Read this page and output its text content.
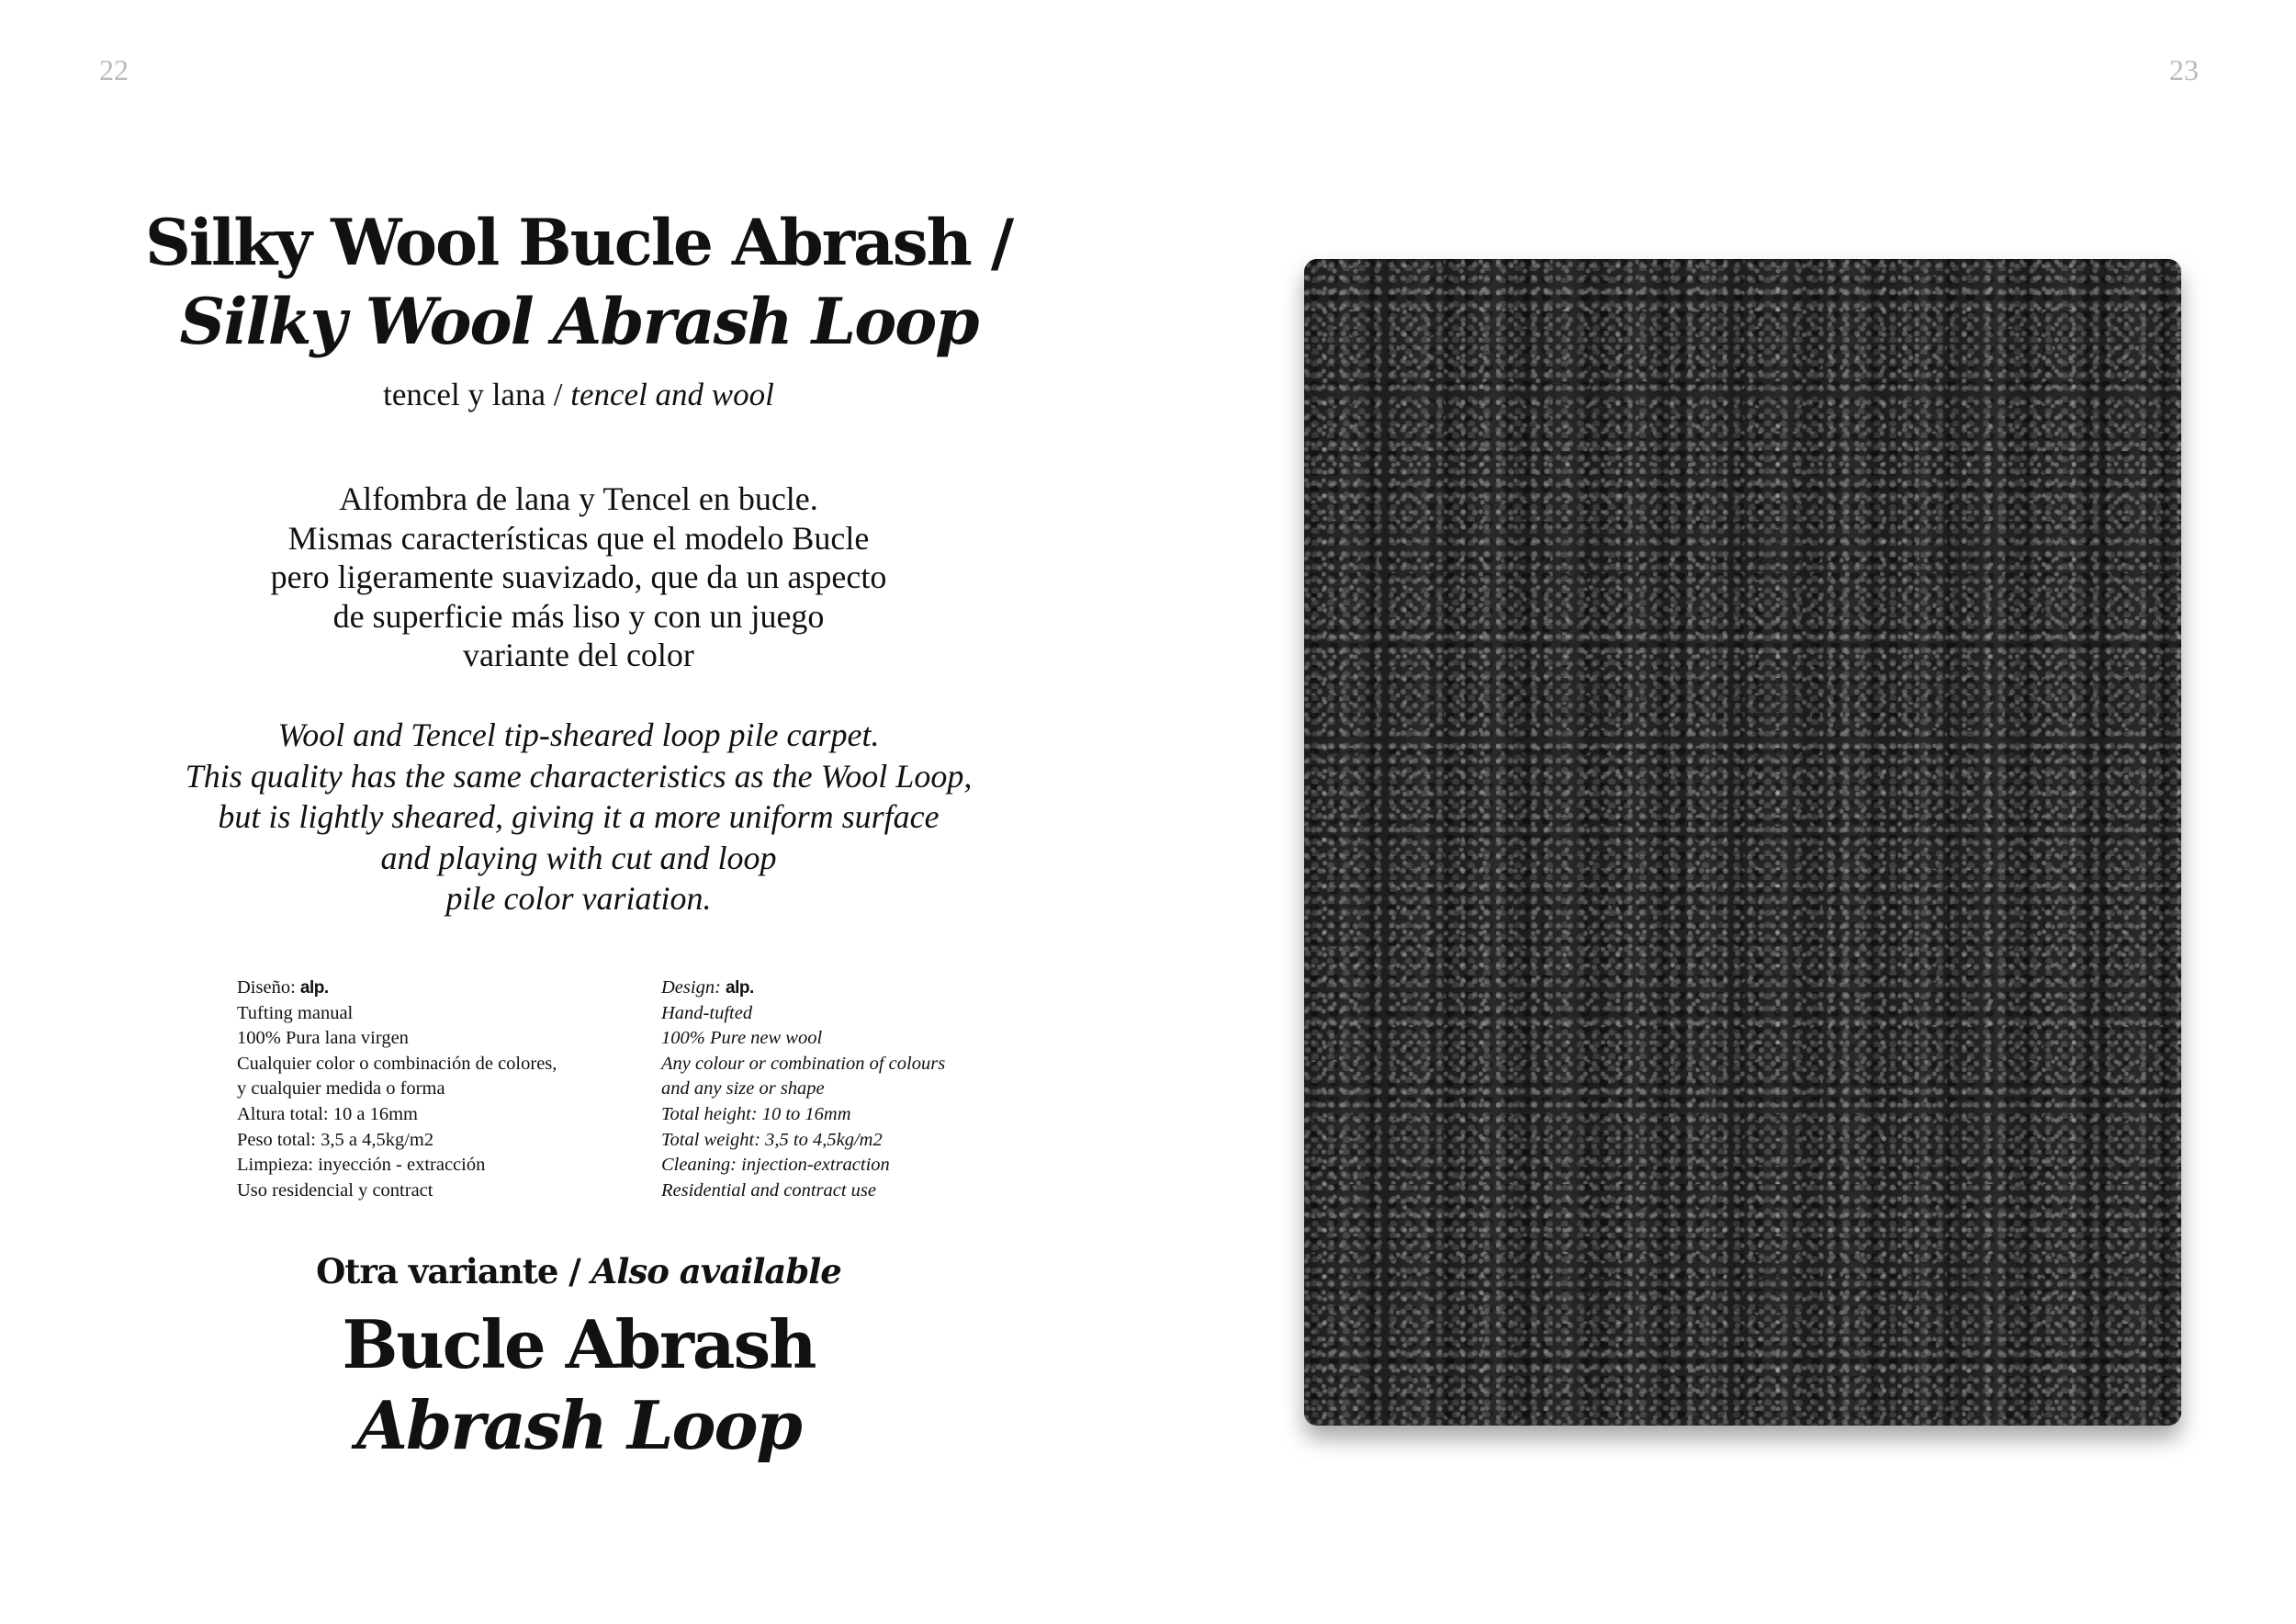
22	23
Silky Wool Bucle Abrash /
Silky Wool Abrash Loop
tencel y lana / tencel and wool
Alfombra de lana y Tencel en bucle.
Mismas características que el modelo Bucle
pero ligeramente suavizado, que da un aspecto
de superficie más liso y con un juego
variante del color
Wool and Tencel tip-sheared loop pile carpet.
This quality has the same characteristics as the Wool Loop,
but is lightly sheared, giving it a more uniform surface
and playing with cut and loop
pile color variation.
Diseño: alp.
Tufting manual
100% Pura lana virgen
Cualquier color o combinación de colores,
y cualquier medida o forma
Altura total: 10 a 16mm
Peso total: 3,5 a 4,5kg/m2
Limpieza: inyección - extracción
Uso residencial y contract
Design: alp.
Hand-tufted
100% Pure new wool
Any colour or combination of colours
and any size or shape
Total height: 10 to 16mm
Total weight: 3,5 to 4,5kg/m2
Cleaning: injection-extraction
Residential and contract use
Otra variante / Also available
Bucle Abrash
Abrash Loop
